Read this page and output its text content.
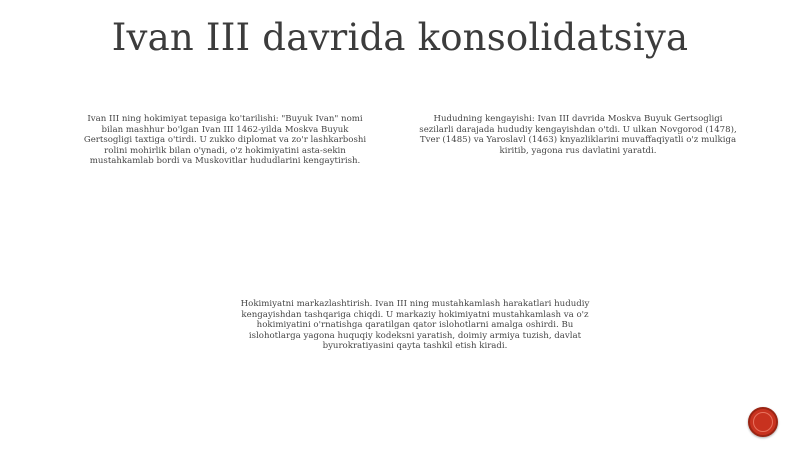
Ivan III davrida konsolidatsiya
Ivan III ning hokimiyat tepasiga ko'tarilishi: "Buyuk Ivan" nomi bilan mashhur bo'lgan Ivan III 1462-yilda Moskva Buyuk Gertsogligi taxtiga o'tirdi. U zukko diplomat va zo'r lashkarboshi rolini mohirlik bilan o'ynadi, o'z hokimiyatini asta-sekin mustahkamlab bordi va Muskovitlar hududlarini kengaytirish.
Hududning kengayishi: Ivan III davrida Moskva Buyuk Gertsogligi sezilarli darajada hududiy kengayishdan o'tdi. U ulkan Novgorod (1478), Tver (1485) va Yaroslavl (1463) knyazliklarini muvaffaqiyatli o'z mulkiga kiritib, yagona rus davlatini yaratdi.
Hokimiyatni markazlashtirish. Ivan III ning mustahkamlash harakatlari hududiy kengayishdan tashqariga chiqdi. U markaziy hokimiyatni mustahkamlash va o'z hokimiyatini o'rnatishga qaratilgan qator islohotlarni amalga oshirdi. Bu islohotlarga yagona huquqiy kodeksni yaratish, doimiy armiya tuzish, davlat byurokratiyasini qayta tashkil etish kiradi.
